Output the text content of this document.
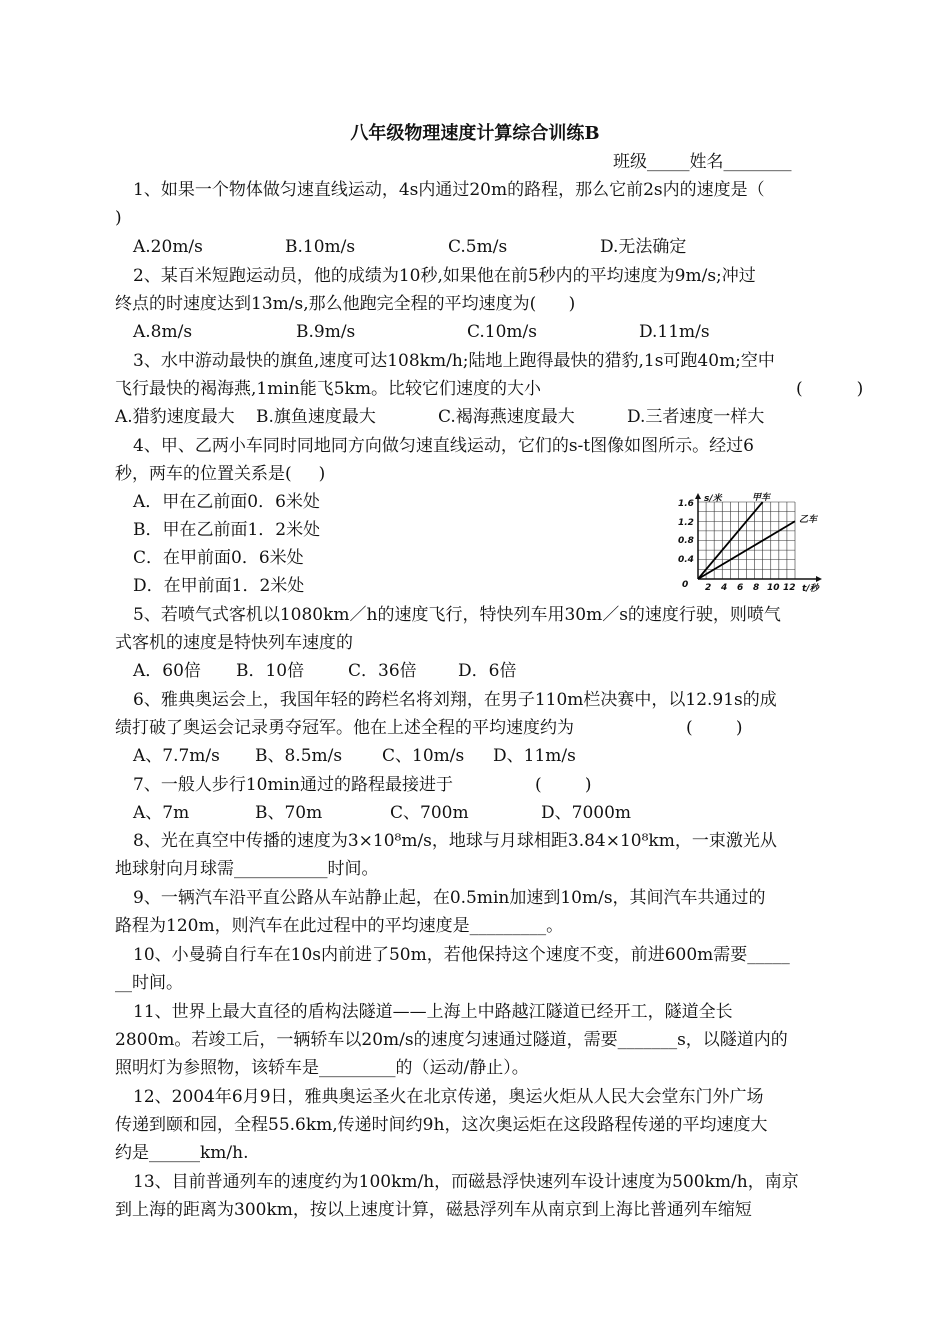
八年级物理速度计算综合训练B
班级_____姓名________
1、如果一个物体做匀速直线运动，4s内通过20m的路程，那么它前2s内的速度是（
)
A.20m/s	B.10m/s	C.5m/s	D.无法确定
2、某百米短跑运动员，他的成绩为10秒,如果他在前5秒内的平均速度为9m/s;冲过
终点的时速度达到13m/s,那么他跑完全程的平均速度为(      )
A.8m/s	B.9m/s	C.10m/s	D.11m/s
3、水中游动最快的旗鱼,速度可达108km/h;陆地上跑得最快的猎豹,1s可跑40m;空中
飞行最快的褐海燕,1min能飞5km。比较它们速度的大小	(          )
A.猎豹速度最大 B.旗鱼速度最大	C.褐海燕速度最大	D.三者速度一样大
4、甲、乙两小车同时同地同方向做匀速直线运动，它们的s-t图像如图所示。经过6
秒，两车的位置关系是(     )
A．甲在乙前面0．6米处
B．甲在乙前面1．2米处
C．在甲前面0．6米处
D．在甲前面1．2米处
s/米
t/秒
0
1.6
1.2
0.8
0.4
2 4 6 8 10 12
甲车
乙车
5、若喷气式客机以1080km／h的速度飞行，特快列车用30m／s的速度行驶，则喷气
式客机的速度是特快列车速度的
A．60倍 B．10倍	C．36倍 D．6倍
6、雅典奥运会上，我国年轻的跨栏名将刘翔，在男子110m栏决赛中，以12.91s的成
绩打破了奥运会记录勇夺冠军。他在上述全程的平均速度约为	(        )
A、7.7m/s B、8.5m/s C、10m/s D、11m/s
7、一般人步行10min通过的路程最接进于	(        )
A、7m	B、70m	C、700m	D、7000m
8、光在真空中传播的速度为3×10⁸m/s，地球与月球相距3.84×10⁸km，一束激光从
地球射向月球需___________时间。
9、一辆汽车沿平直公路从车站静止起，在0.5min加速到10m/s，其间汽车共通过的
路程为120m，则汽车在此过程中的平均速度是_________。
10、小曼骑自行车在10s内前进了50m，若他保持这个速度不变，前进600m需要_____
__时间。
11、世界上最大直径的盾构法隧道——上海上中路越江隧道已经开工，隧道全长
2800m。若竣工后，一辆轿车以20m/s的速度匀速通过隧道，需要_______s，以隧道内的
照明灯为参照物，该轿车是_________的（运动/静止）。
12、2004年6月9日，雅典奥运圣火在北京传递，奥运火炬从人民大会堂东门外广场
传递到颐和园，全程55.6km,传递时间约9h，这次奥运炬在这段路程传递的平均速度大
约是______km/h.
13、目前普通列车的速度约为100km/h，而磁悬浮快速列车设计速度为500km/h，南京
到上海的距离为300km，按以上速度计算，磁悬浮列车从南京到上海比普通列车缩短
